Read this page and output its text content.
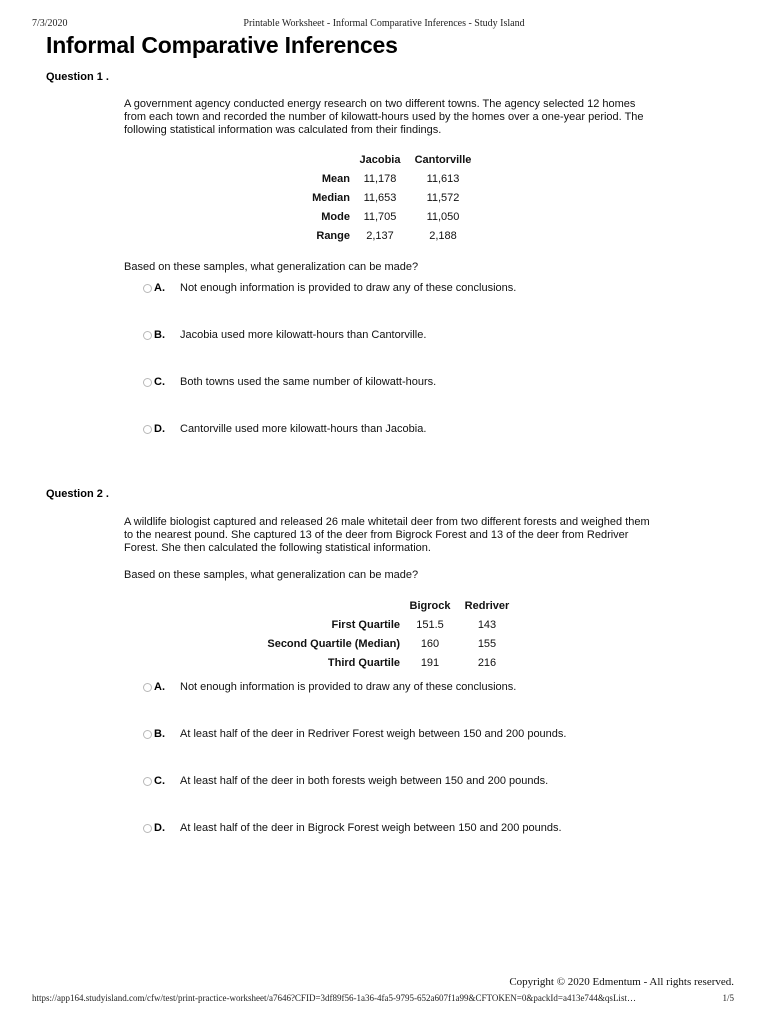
7/3/2020	Printable Worksheet - Informal Comparative Inferences - Study Island
Informal Comparative Inferences
Question 1 .
A government agency conducted energy research on two different towns. The agency selected 12 homes from each town and recorded the number of kilowatt-hours used by the homes over a one-year period. The following statistical information was calculated from their findings.
	Jacobia	Cantorville
Mean	11,178	11,613
Median	11,653	11,572
Mode	11,705	11,050
Range	2,137	2,188
Based on these samples, what generalization can be made?
A. Not enough information is provided to draw any of these conclusions.
B. Jacobia used more kilowatt-hours than Cantorville.
C. Both towns used the same number of kilowatt-hours.
D. Cantorville used more kilowatt-hours than Jacobia.
Question 2 .
A wildlife biologist captured and released 26 male whitetail deer from two different forests and weighed them to the nearest pound. She captured 13 of the deer from Bigrock Forest and 13 of the deer from Redriver Forest. She then calculated the following statistical information.
Based on these samples, what generalization can be made?
	Bigrock	Redriver
First Quartile	151.5	143
Second Quartile (Median)	160	155
Third Quartile	191	216
A. Not enough information is provided to draw any of these conclusions.
B. At least half of the deer in Redriver Forest weigh between 150 and 200 pounds.
C. At least half of the deer in both forests weigh between 150 and 200 pounds.
D. At least half of the deer in Bigrock Forest weigh between 150 and 200 pounds.
Copyright © 2020 Edmentum - All rights reserved.
https://app164.studyisland.com/cfw/test/print-practice-worksheet/a7646?CFID=3df89f56-1a36-4fa5-9795-652a607f1a99&CFTOKEN=0&packId=a413e744&qsList…	1/5
